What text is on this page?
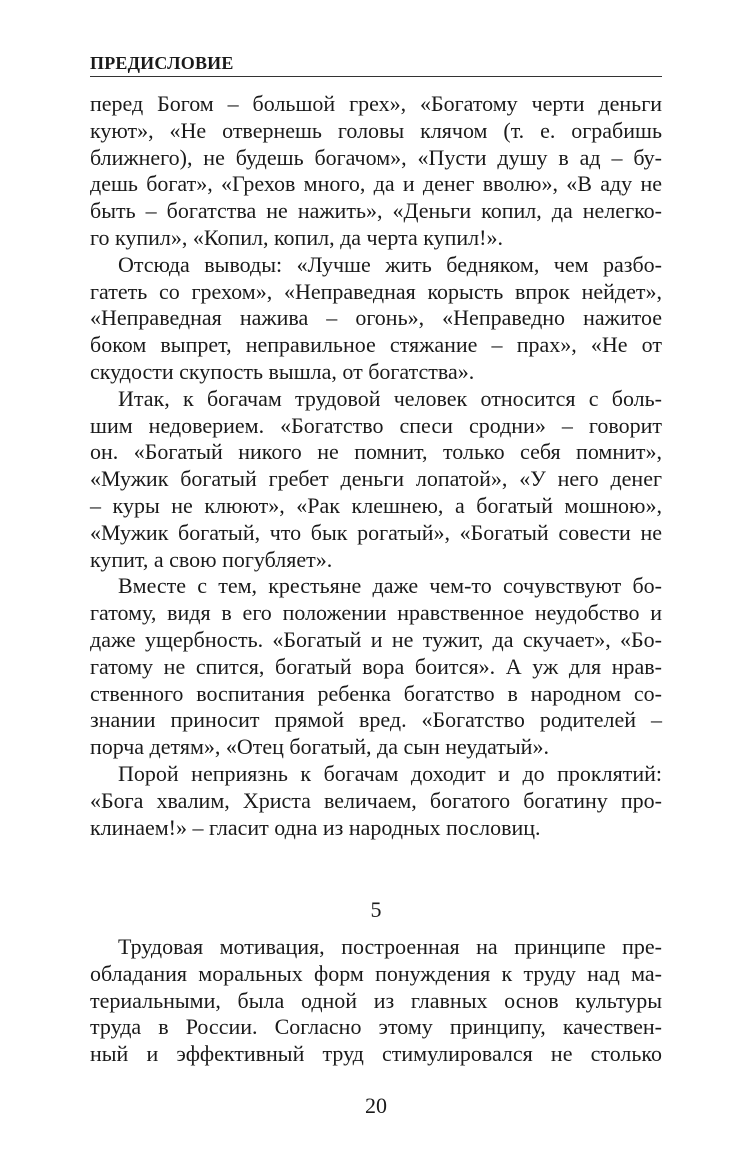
ПРЕДИСЛОВИЕ
перед Богом – большой грех», «Богатому черти деньги
куют», «Не отвернешь головы клячом (т. е. ограбишь
ближнего), не будешь богачом», «Пусти душу в ад – бу-
дешь богат», «Грехов много, да и денег вволю», «В аду не
быть – богатства не нажить», «Деньги копил, да нелегко-
го купил», «Копил, копил, да черта купил!».
Отсюда выводы: «Лучше жить бедняком, чем разбо-
гатеть со грехом», «Неправедная корысть впрок нейдет»,
«Неправедная нажива – огонь», «Неправедно нажитое
боком выпрет, неправильное стяжание – прах», «Не от
скудости скупость вышла, от богатства».
Итак, к богачам трудовой человек относится с боль-
шим недоверием. «Богатство спеси сродни» – говорит
он. «Богатый никого не помнит, только себя помнит»,
«Мужик богатый гребет деньги лопатой», «У него денег
– куры не клюют», «Рак клешнею, а богатый мошною»,
«Мужик богатый, что бык рогатый», «Богатый совести не
купит, а свою погубляет».
Вместе с тем, крестьяне даже чем-то сочувствуют бо-
гатому, видя в его положении нравственное неудобство и
даже ущербность. «Богатый и не тужит, да скучает», «Бо-
гатому не спится, богатый вора боится». А уж для нрав-
ственного воспитания ребенка богатство в народном со-
знании приносит прямой вред. «Богатство родителей –
порча детям», «Отец богатый, да сын неудатый».
Порой неприязнь к богачам доходит и до проклятий:
«Бога хвалим, Христа величаем, богатого богатину про-
клинаем!» – гласит одна из народных пословиц.
5
Трудовая мотивация, построенная на принципе пре-
обладания моральных форм понуждения к труду над ма-
териальными, была одной из главных основ культуры
труда в России. Согласно этому принципу, качествен-
ный и эффективный труд стимулировался не столько
20
